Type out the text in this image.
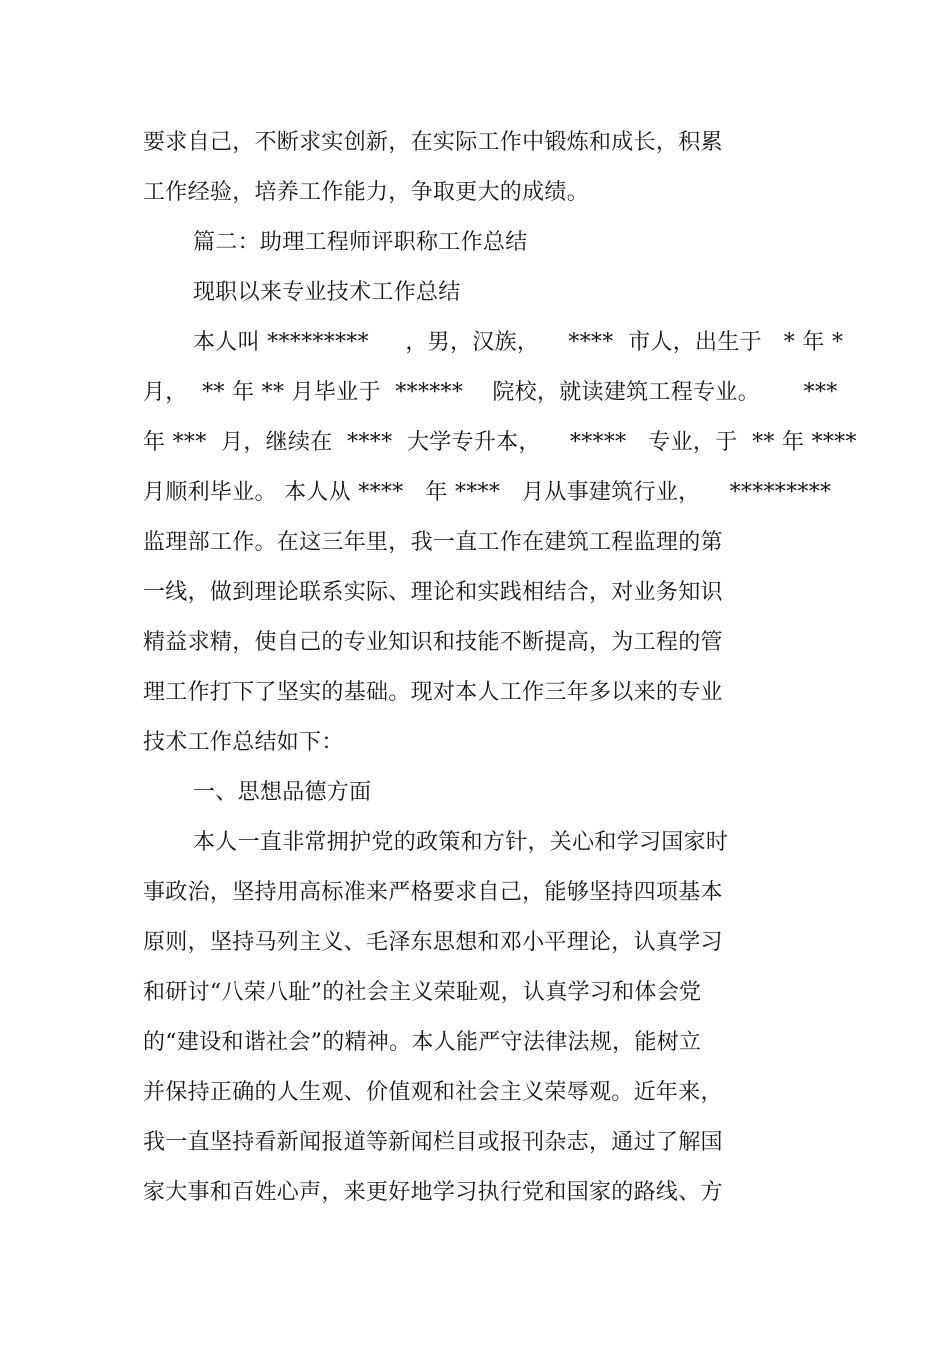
要求自己，不断求实创新，在实际工作中锻炼和成长，积累
工作经验，培养工作能力，争取更大的成绩。
篇二：助理工程师评职称工作总结
现职以来专业技术工作总结
本人叫 *********     ，男，汉族，    ****  市人，出生于   * 年 *
月，  ** 年 ** 月毕业于  ******    院校，就读建筑工程专业。      ***
年 ***  月，继续在  ****  大学专升本，    *****   专业，于  ** 年 ****
月顺利毕业。 本人从 ****   年 ****   月从事建筑行业，    *********
监理部工作。在这三年里，我一直工作在建筑工程监理的第
一线，做到理论联系实际、理论和实践相结合，对业务知识
精益求精，使自己的专业知识和技能不断提高，为工程的管
理工作打下了坚实的基础。现对本人工作三年多以来的专业
技术工作总结如下：
一、思想品德方面
本人一直非常拥护党的政策和方针，关心和学习国家时
事政治，坚持用高标准来严格要求自己，能够坚持四项基本
原则，坚持马列主义、毛泽东思想和邓小平理论，认真学习
和研讨“八荣八耻”的社会主义荣耻观，认真学习和体会党
的“建设和谐社会”的精神。本人能严守法律法规，能树立
并保持正确的人生观、价值观和社会主义荣辱观。近年来，
我一直坚持看新闻报道等新闻栏目或报刊杂志，通过了解国
家大事和百姓心声，来更好地学习执行党和国家的路线、方
